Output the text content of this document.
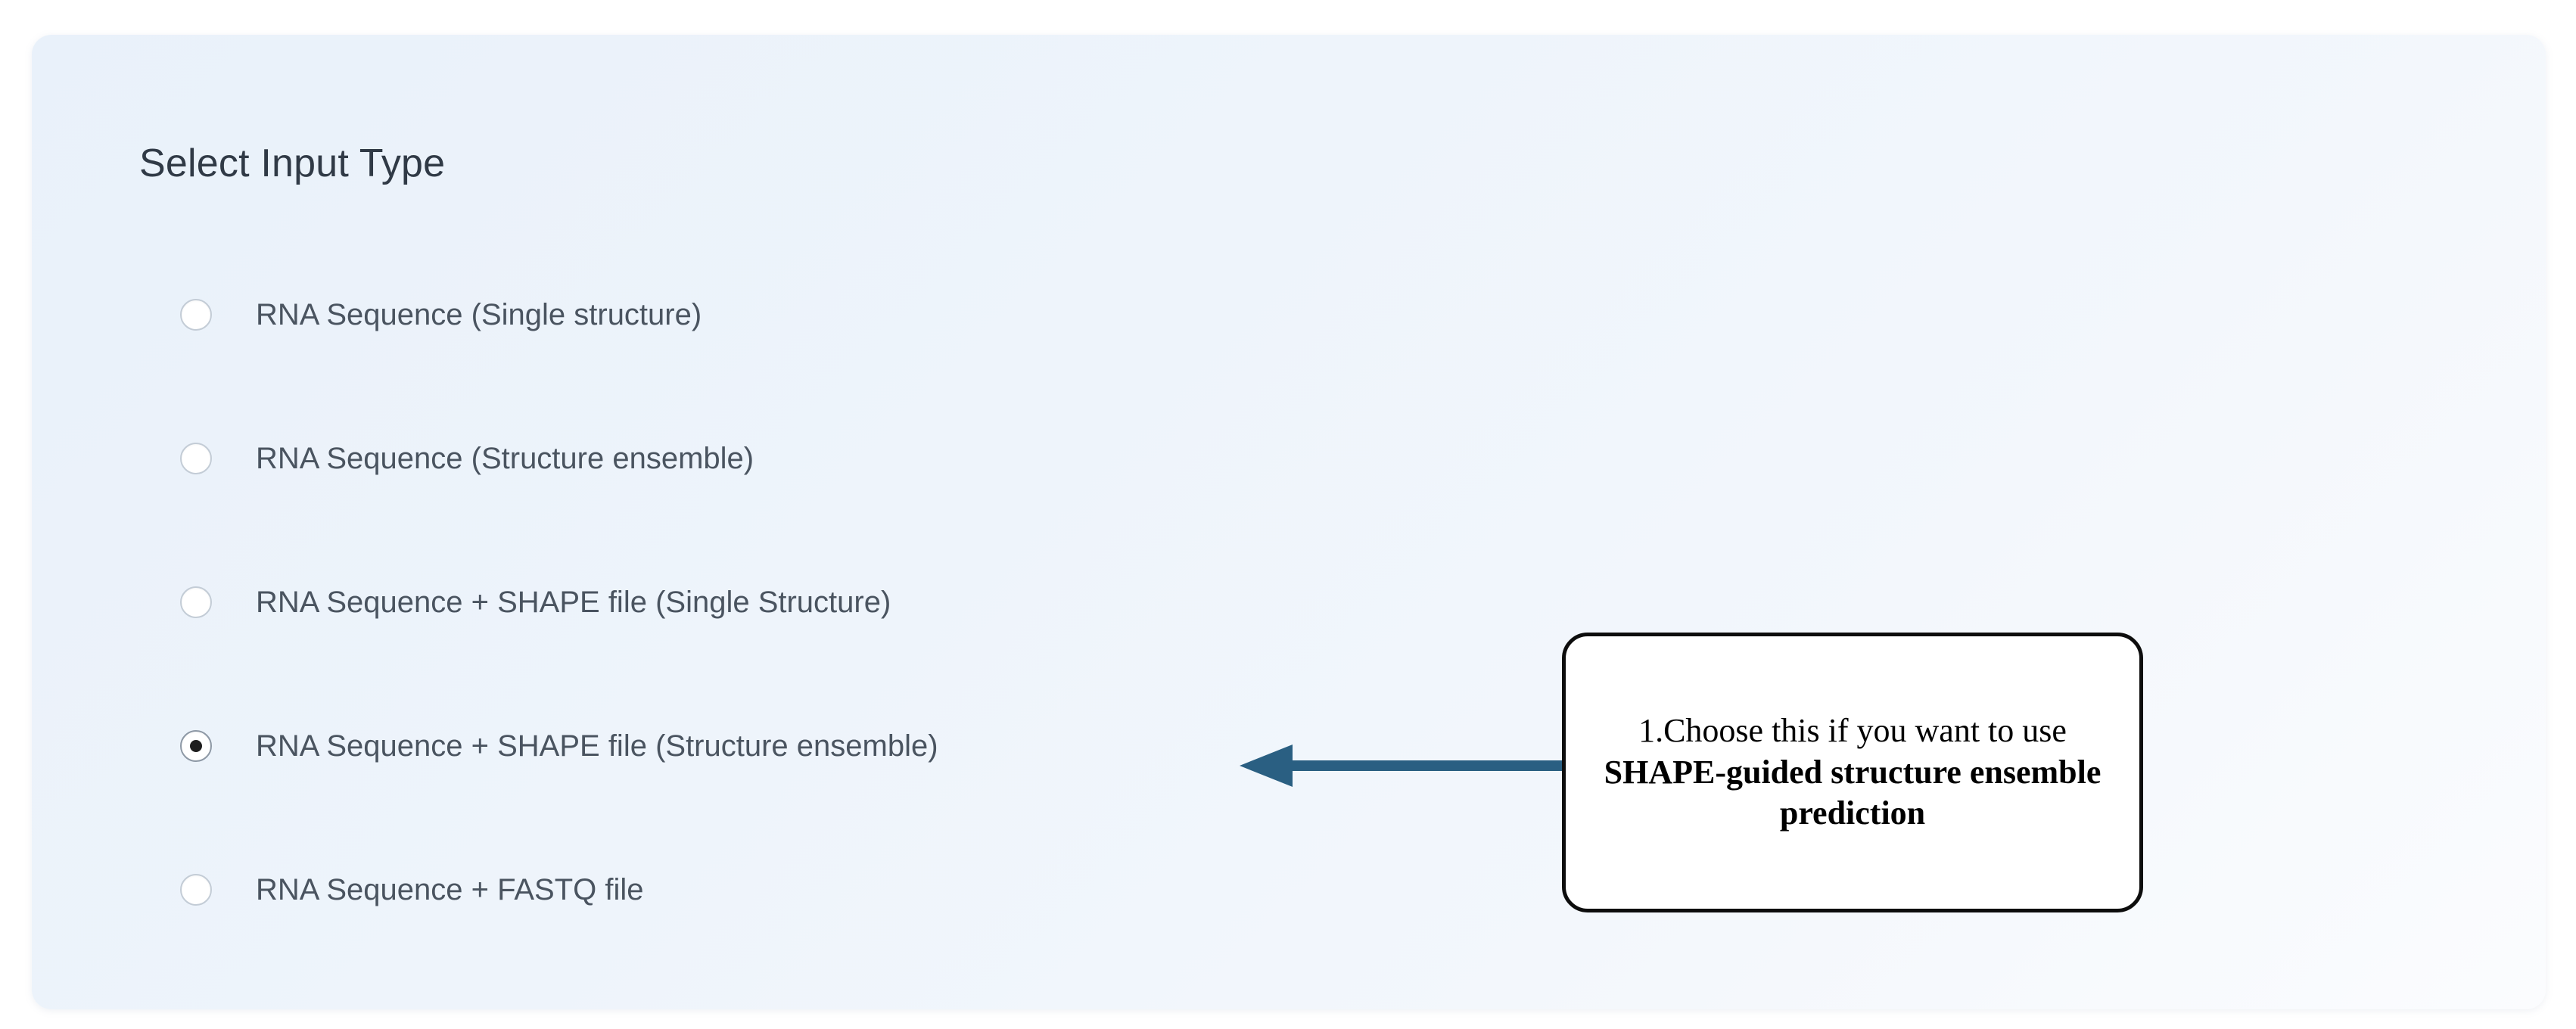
Select Input Type
RNA Sequence (Single structure)
RNA Sequence (Structure ensemble)
RNA Sequence + SHAPE file (Single Structure)
RNA Sequence + SHAPE file (Structure ensemble)
RNA Sequence + FASTQ file
1.Choose this if you want to use SHAPE-guided structure ensemble prediction
